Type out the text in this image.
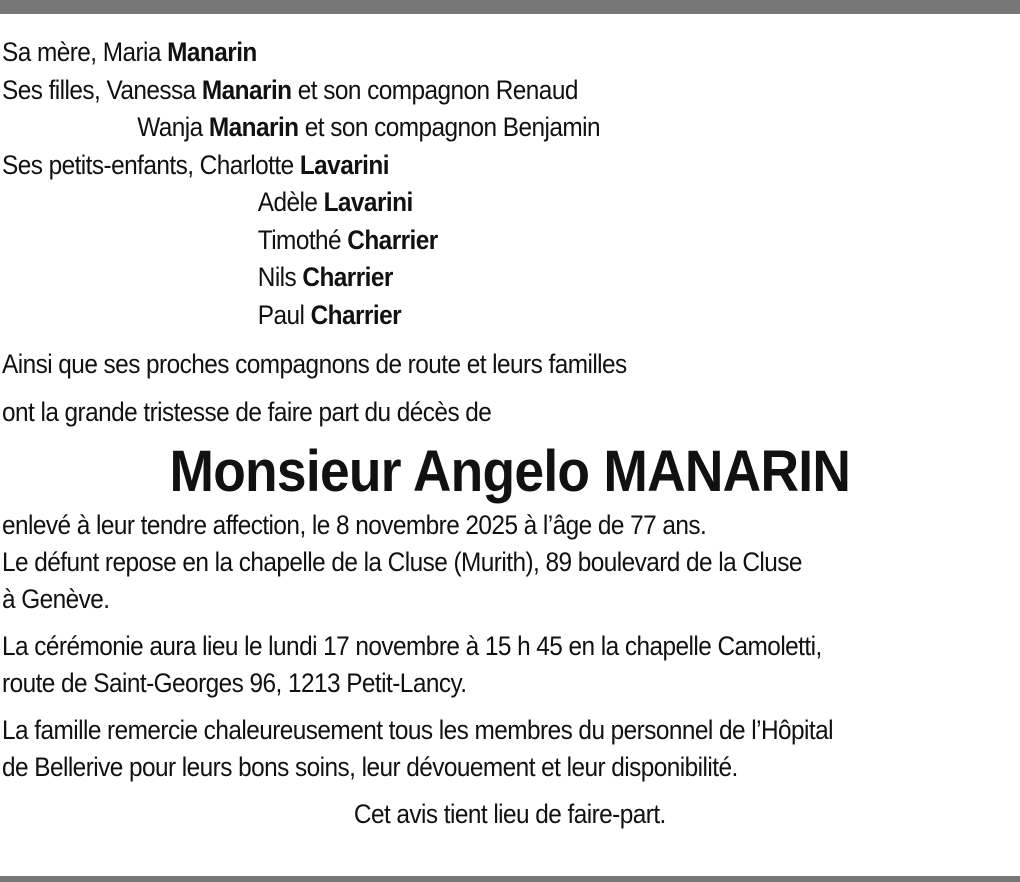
Sa mère, Maria Manarin
Ses filles, Vanessa Manarin et son compagnon Renaud
Wanja Manarin et son compagnon Benjamin
Ses petits-enfants, Charlotte Lavarini
Adèle Lavarini
Timothé Charrier
Nils Charrier
Paul Charrier
Ainsi que ses proches compagnons de route et leurs familles
ont la grande tristesse de faire part du décès de
Monsieur Angelo MANARIN
enlevé à leur tendre affection, le 8 novembre 2025 à l’âge de 77 ans.
Le défunt repose en la chapelle de la Cluse (Murith), 89 boulevard de la Cluse
à Genève.
La cérémonie aura lieu le lundi 17 novembre à 15 h 45 en la chapelle Camoletti,
route de Saint-Georges 96, 1213 Petit-Lancy.
La famille remercie chaleureusement tous les membres du personnel de l’Hôpital
de Bellerive pour leurs bons soins, leur dévouement et leur disponibilité.
Cet avis tient lieu de faire-part.
